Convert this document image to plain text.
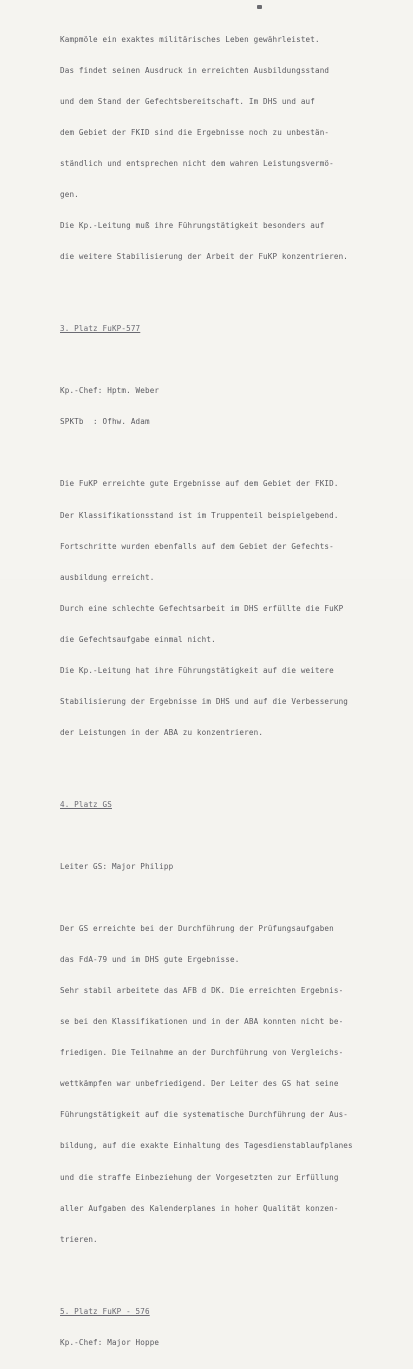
Kampmöle ein exaktes militärisches Leben gewährleistet.

Das findet seinen Ausdruck in erreichten Ausbildungsstand

und dem Stand der Gefechtsbereitschaft. Im DHS und auf

dem Gebiet der FKID sind die Ergebnisse noch zu unbestän-

ständlich und entsprechen nicht dem wahren Leistungsvermö-

gen.

Die Kp.-Leitung muß ihre Führungstätigkeit besonders auf

die weitere Stabilisierung der Arbeit der FuKP konzentrieren.

3. Platz FuKP-577

Kp.-Chef: Hptm. Weber

SPKTb  : Ofhw. Adam

Die FuKP erreichte gute Ergebnisse auf dem Gebiet der FKID.

Der Klassifikationsstand ist im Truppenteil beispielgebend.

Fortschritte wurden ebenfalls auf dem Gebiet der Gefechts-

ausbildung erreicht.

Durch eine schlechte Gefechtsarbeit im DHS erfüllte die FuKP

die Gefechtsaufgabe einmal nicht.

Die Kp.-Leitung hat ihre Führungstätigkeit auf die weitere

Stabilisierung der Ergebnisse im DHS und auf die Verbesserung

der Leistungen in der ABA zu konzentrieren.

4. Platz GS

Leiter GS: Major Philipp

Der GS erreichte bei der Durchführung der Prüfungsaufgaben

das FdA-79 und im DHS gute Ergebnisse.

Sehr stabil arbeitete das AFB d DK. Die erreichten Ergebnis-

se bei den Klassifikationen und in der ABA konnten nicht be-

friedigen. Die Teilnahme an der Durchführung von Vergleichs-

wettkämpfen war unbefriedigend. Der Leiter des GS hat seine

Führungstätigkeit auf die systematische Durchführung der Aus-

bildung, auf die exakte Einhaltung des Tagesdienstablaufplanes

und die straffe Einbeziehung der Vorgesetzten zur Erfüllung

aller Aufgaben des Kalenderplanes in hoher Qualität konzen-

trieren.

5. Platz FuKP - 576

Kp.-Chef: Major Hoppe
